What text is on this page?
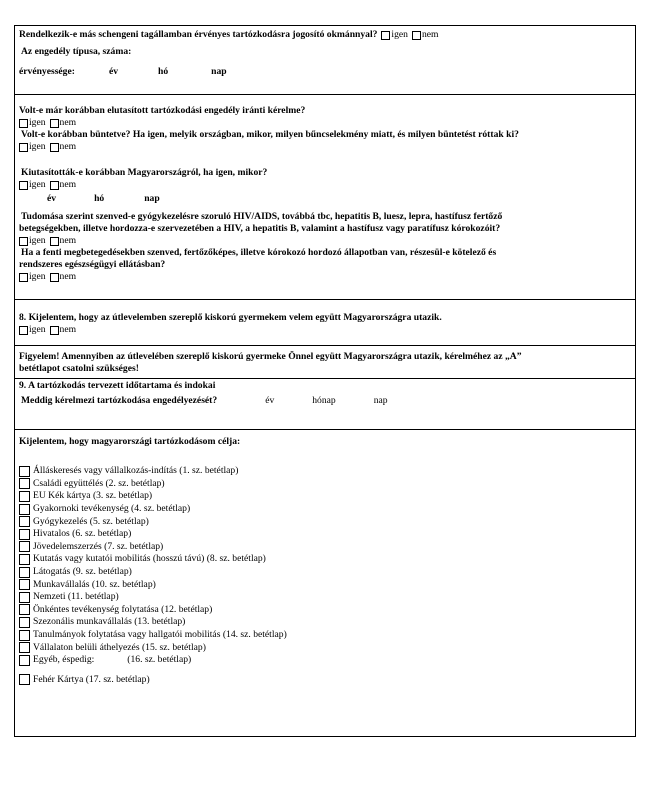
Rendelkezik-e más schengeni tagállamban érvényes tartózkodásra jogosító okmánnyal? igen nem
Az engedély típusa, száma:
érvényessége:	év	hó	nap
Volt-e már korábban elutasított tartózkodási engedély iránti kérelme?
igen nem
Volt-e korábban büntetve? Ha igen, melyik országban, mikor, milyen bűncselekmény miatt, és milyen büntetést róttak ki?
igen nem
Kiutasították-e korábban Magyarországról, ha igen, mikor?
igen nem
év	hó	nap
Tudomása szerint szenved-e gyógykezelésre szoruló HIV/AIDS, továbbá tbc, hepatitis B, luesz, lepra, hastífusz fertőző
betegségekben, illetve hordozza-e szervezetében a HIV, a hepatitis B, valamint a hastífusz vagy paratífusz kórokozóit?
igen nem
Ha a fenti megbetegedésekben szenved, fertőzőképes, illetve kórokozó hordozó állapotban van, részesül-e kötelező és
rendszeres egészségügyi ellátásban?
igen nem
8. Kijelentem, hogy az útlevelemben szereplő kiskorú gyermekem velem együtt Magyarországra utazik.
igen nem
Figyelem! Amennyiben az útlevelében szereplő kiskorú gyermeke Önnel együtt Magyarországra utazik, kérelméhez az „A”
betétlapot csatolni szükséges!
9. A tartózkodás tervezett időtartama és indokai
Meddig kérelmezi tartózkodása engedélyezését?	év	hónap	nap
Kijelentem, hogy magyarországi tartózkodásom célja:
Álláskeresés vagy vállalkozás-indítás (1. sz. betétlap)
Családi együttélés (2. sz. betétlap)
EU Kék kártya (3. sz. betétlap)
Gyakornoki tevékenység (4. sz. betétlap)
Gyógykezelés (5. sz. betétlap)
Hivatalos (6. sz. betétlap)
Jövedelemszerzés (7. sz. betétlap)
Kutatás vagy kutatói mobilitás (hosszú távú) (8. sz. betétlap)
Látogatás (9. sz. betétlap)
Munkavállalás (10. sz. betétlap)
Nemzeti (11. betétlap)
Önkéntes tevékenység folytatása (12. betétlap)
Szezonális munkavállalás (13. betétlap)
Tanulmányok folytatása vagy hallgatói mobilitás (14. sz. betétlap)
Vállalaton belüli áthelyezés (15. sz. betétlap)
Egyéb, éspedig:	(16. sz. betétlap)
Fehér Kártya (17. sz. betétlap)
